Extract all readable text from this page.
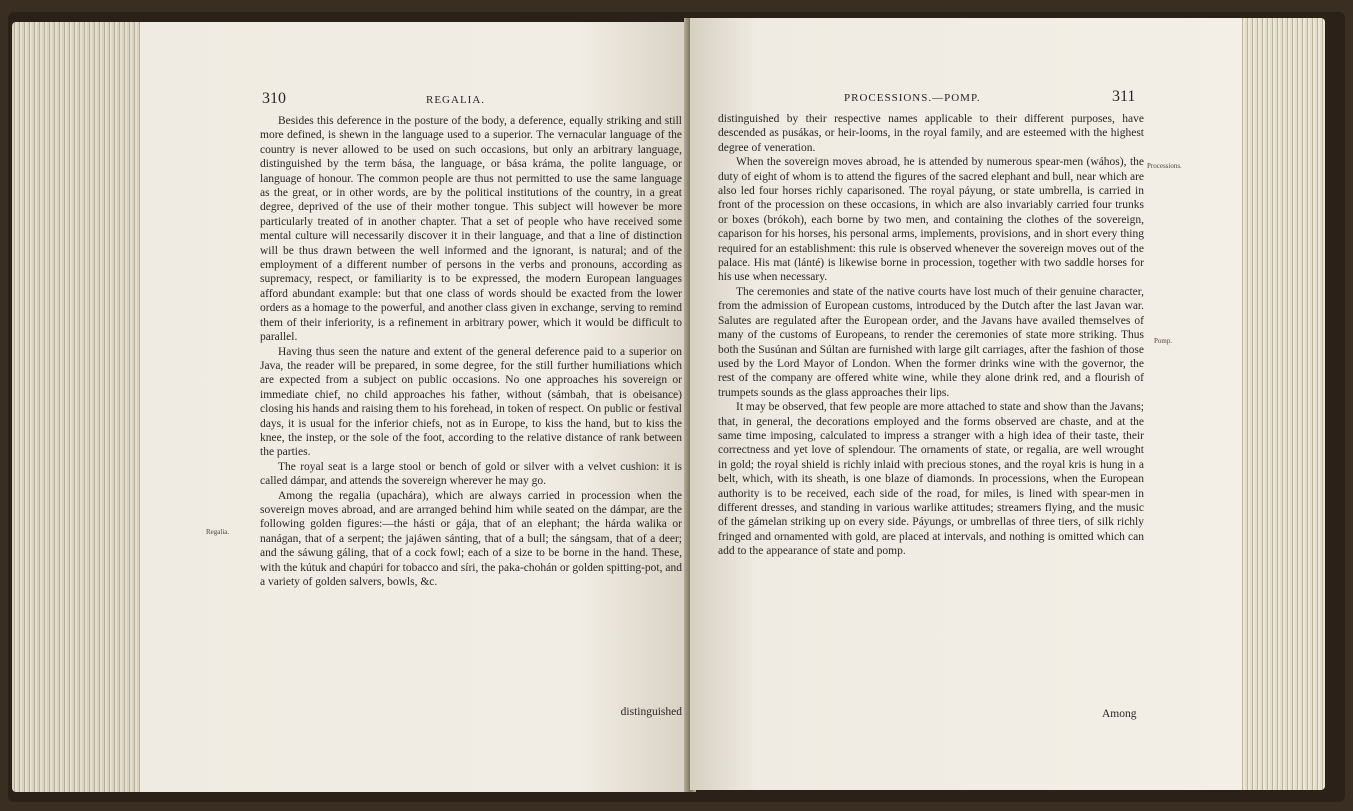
310	REGALIA.

Besides this deference in the posture of the body, a deference, equally striking and still more defined, is shewn in the language used to a superior. The vernacular language of the country is never allowed to be used on such occasions, but only an arbitrary language, distinguished by the term bása, the language, or bása kráma, the polite language, or language of honour. The common people are thus not permitted to use the same language as the great, or in other words, are by the political institutions of the country, in a great degree, deprived of the use of their mother tongue. This subject will however be more particularly treated of in another chapter. That a set of people who have received some mental culture will necessarily discover it in their language, and that a line of distinction will be thus drawn between the well informed and the ignorant, is natural; and of the employment of a different number of persons in the verbs and pronouns, according as supremacy, respect, or familiarity is to be expressed, the modern European languages afford abundant example: but that one class of words should be exacted from the lower orders as a homage to the powerful, and another class given in exchange, serving to remind them of their inferiority, is a refinement in arbitrary power, which it would be difficult to parallel.

Having thus seen the nature and extent of the general deference paid to a superior on Java, the reader will be prepared, in some degree, for the still further humiliations which are expected from a subject on public occasions. No one approaches his sovereign or immediate chief, no child approaches his father, without (sámbah, that is obeisance) closing his hands and raising them to his forehead, in token of respect. On public or festival days, it is usual for the inferior chiefs, not as in Europe, to kiss the hand, but to kiss the knee, the instep, or the sole of the foot, according to the relative distance of rank between the parties.

The royal seat is a large stool or bench of gold or silver with a velvet cushion: it is called dámpar, and attends the sovereign wherever he may go.

Among the regalia (upachára), which are always carried in procession when the sovereign moves abroad, and are arranged behind him while seated on the dámpar, are the following golden figures:—the hásti or gája, that of an elephant; the hárda walika or nanágan, that of a serpent; the jajáwen sánting, that of a bull; the sángsam, that of a deer; and the sáwung gáling, that of a cock fowl; each of a size to be borne in the hand. These, with the kútuk and chapúri for tobacco and síri, the paka-chohán or golden spitting-pot, and a variety of golden salvers, bowls, &c.

distinguished
Regalia.
PROCESSIONS.—POMP.	311

distinguished by their respective names applicable to their different purposes, have descended as pusákas, or heir-looms, in the royal family, and are esteemed with the highest degree of veneration.

When the sovereign moves abroad, he is attended by numerous spear-men (wáhos), the duty of eight of whom is to attend the figures of the sacred elephant and bull, near which are also led four horses richly caparisoned. The royal páyung, or state umbrella, is carried in front of the procession on these occasions, in which are also invariably carried four trunks or boxes (brókoh), each borne by two men, and containing the clothes of the sovereign, caparison for his horses, his personal arms, implements, provisions, and in short every thing required for an establishment: this rule is observed whenever the sovereign moves out of the palace. His mat (lánté) is likewise borne in procession, together with two saddle horses for his use when necessary.

The ceremonies and state of the native courts have lost much of their genuine character, from the admission of European customs, introduced by the Dutch after the last Javan war. Salutes are regulated after the European order, and the Javans have availed themselves of many of the customs of Europeans, to render the ceremonies of state more striking. Thus both the Susúnan and Súltan are furnished with large gilt carriages, after the fashion of those used by the Lord Mayor of London. When the former drinks wine with the governor, the rest of the company are offered white wine, while they alone drink red, and a flourish of trumpets sounds as the glass approaches their lips.

It may be observed, that few people are more attached to state and show than the Javans; that, in general, the decorations employed and the forms observed are chaste, and at the same time imposing, calculated to impress a stranger with a high idea of their taste, their correctness and yet love of splendour. The ornaments of state, or regalia, are well wrought in gold; the royal shield is richly inlaid with precious stones, and the royal kris is hung in a belt, which, with its sheath, is one blaze of diamonds. In processions, when the European authority is to be received, each side of the road, for miles, is lined with spear-men in different dresses, and standing in various warlike attitudes; streamers flying, and the music of the gámelan striking up on every side. Páyungs, or umbrellas of three tiers, of silk richly fringed and ornamented with gold, are placed at intervals, and nothing is omitted which can add to the appearance of state and pomp.

Among
Processions.
Pomp.
